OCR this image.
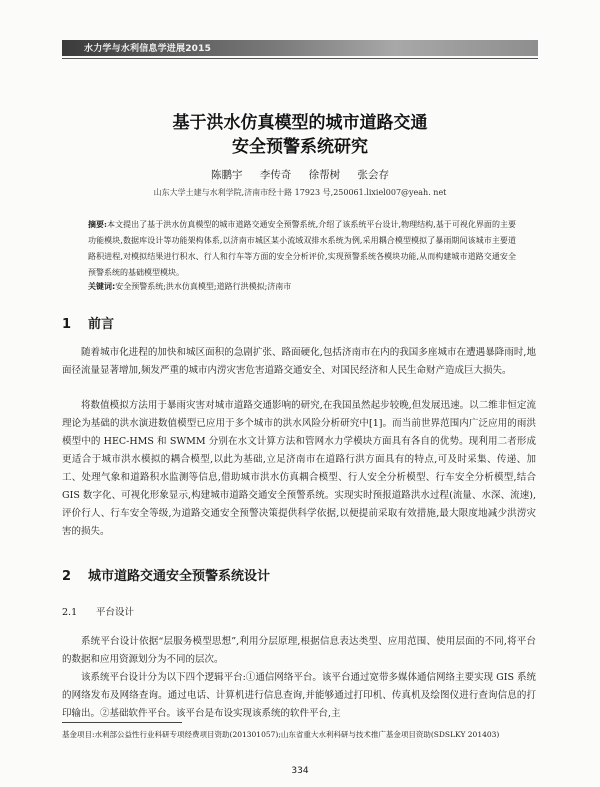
水力学与水利信息学进展2015
基于洪水仿真模型的城市道路交通
安全预警系统研究
陈鹏宇 李传奇 徐帮树 张会存
山东大学土建与水利学院,济南市经十路 17923 号,250061.lixiel007@yeah. net
摘要:本文提出了基于洪水仿真模型的城市道路交通安全预警系统,介绍了该系统平台设计,物理结构,基于可视化界面的主要功能模块,数据库设计等功能架构体系,以济南市城区某小流域双排水系统为例,采用耦合模型模拟了暴雨期间该城市主要道路积进程,对模拟结果进行积水、行人和行车等方面的安全分析评价,实现预警系统各模块功能,从而构建城市道路交通安全预警系统的基础模型模块。
关键词:安全预警系统;洪水仿真模型;道路行洪模拟;济南市
1 前言
随着城市化进程的加快和城区面积的急剧扩张、路面硬化,包括济南市在内的我国多座城市在遭遇暴降雨时,地面径流量显著增加,频发严重的城市内涝灾害危害道路交通安全、对国民经济和人民生命财产造成巨大损失。
将数值模拟方法用于暴雨灾害对城市道路交通影响的研究,在我国虽然起步较晚,但发展迅速。以二维非恒定流理论为基础的洪水演进数值模型已应用于多个城市的洪水风险分析研究中[1]。而当前世界范围内广泛应用的雨洪模型中的 HEC-HMS 和 SWMM 分别在水文计算方法和管网水力学模块方面具有各自的优势。现利用二者形成更适合于城市洪水模拟的耦合模型,以此为基础,立足济南市在道路行洪方面具有的特点,可及时采集、传递、加工、处理气象和道路积水监测等信息,借助城市洪水仿真耦合模型、行人安全分析模型、行车安全分析模型,结合 GIS 数字化、可视化形象显示,构建城市道路交通安全预警系统。实现实时预报道路洪水过程(流量、水深、流速),评价行人、行车安全等级,为道路交通安全预警决策提供科学依据,以便提前采取有效措施,最大限度地减少洪涝灾害的损失。
2 城市道路交通安全预警系统设计
2.1 平台设计
系统平台设计依据“层服务模型思想”,利用分层原理,根据信息表达类型、应用范围、使用层面的不同,将平台的数据和应用资源划分为不同的层次。
该系统平台设计分为以下四个逻辑平台:①通信网络平台。该平台通过宽带多媒体通信网络主要实现 GIS 系统的网络发布及网络查询。通过电话、计算机进行信息查询,并能够通过打印机、传真机及绘图仪进行查询信息的打印输出。②基础软件平台。该平台是布设实现该系统的软件平台,主
基金项目:水利部公益性行业科研专项经费项目资助(201301057);山东省重大水利科研与技术推广基金项目资助(SDSLKY 201403)
334
